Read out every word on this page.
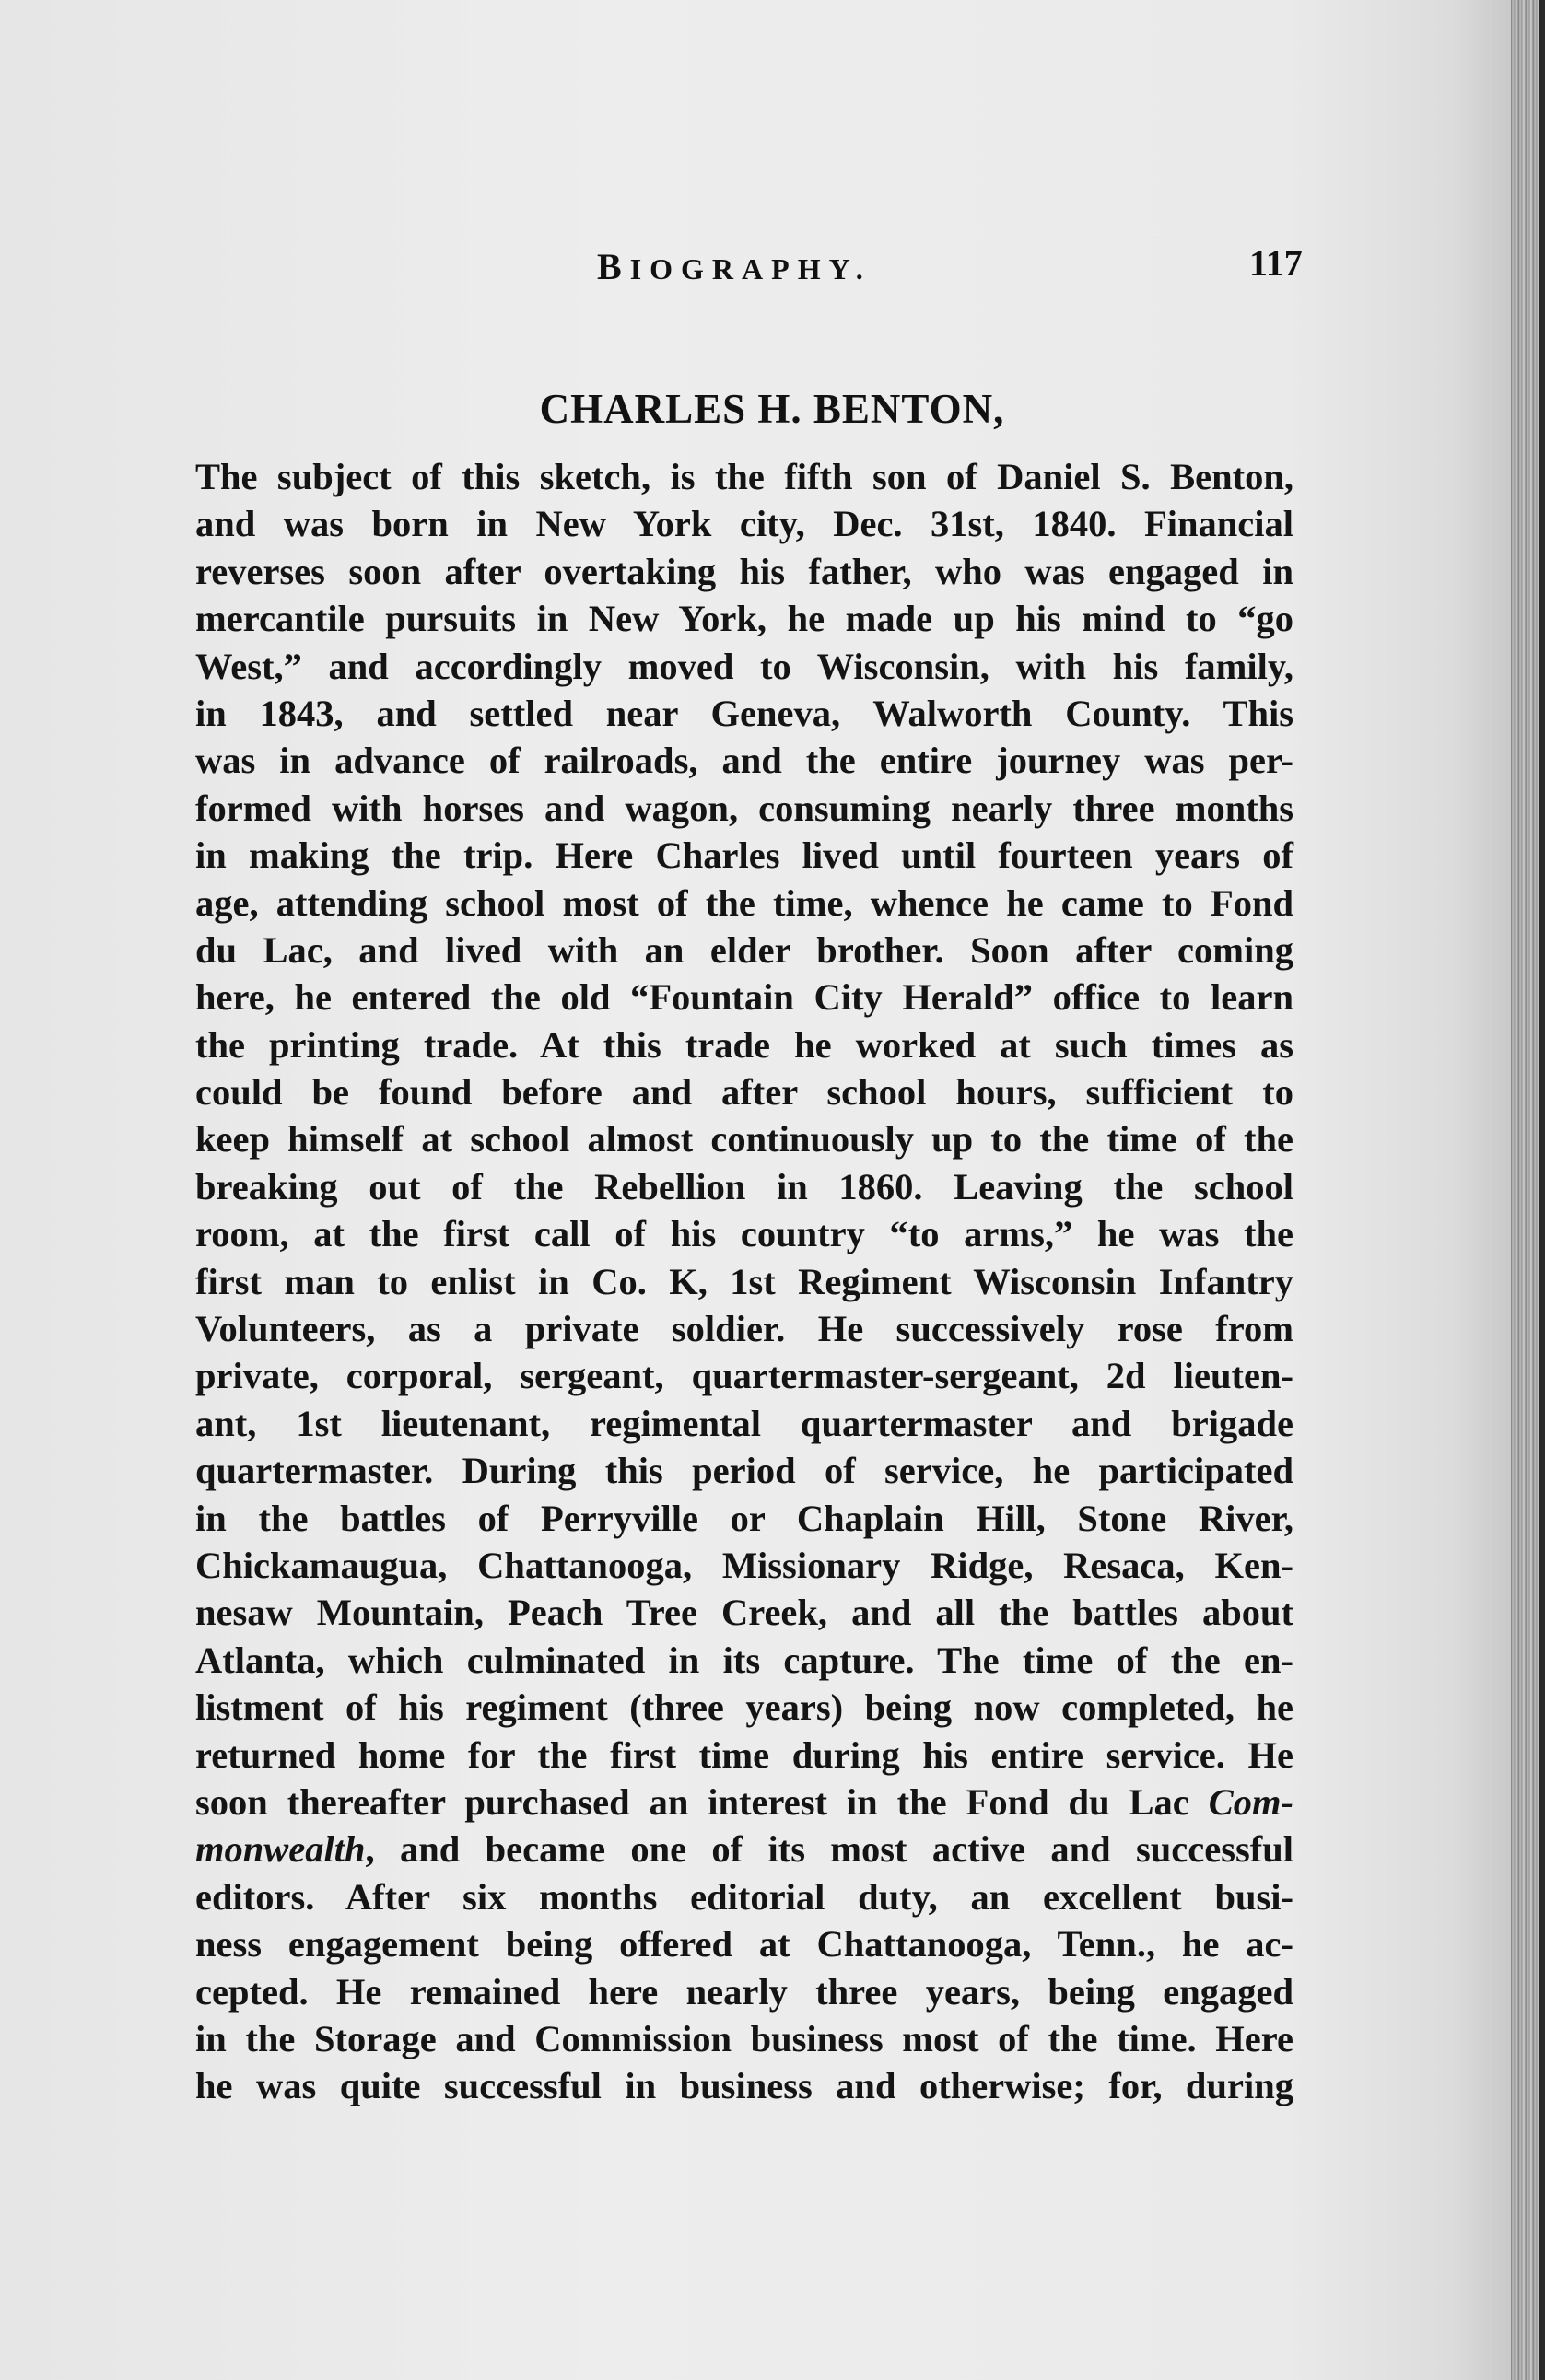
BIOGRAPHY.	117
CHARLES H. BENTON,
The subject of this sketch, is the fifth son of Daniel S. Benton,
and was born in New York city, Dec. 31st, 1840. Financial
reverses soon after overtaking his father, who was engaged in
mercantile pursuits in New York, he made up his mind to “go
West,” and accordingly moved to Wisconsin, with his family,
in 1843, and settled near Geneva, Walworth County. This
was in advance of railroads, and the entire journey was per-
formed with horses and wagon, consuming nearly three months
in making the trip. Here Charles lived until fourteen years of
age, attending school most of the time, whence he came to Fond
du Lac, and lived with an elder brother. Soon after coming
here, he entered the old “Fountain City Herald” office to learn
the printing trade. At this trade he worked at such times as
could be found before and after school hours, sufficient to
keep himself at school almost continuously up to the time of the
breaking out of the Rebellion in 1860. Leaving the school
room, at the first call of his country “to arms,” he was the
first man to enlist in Co. K, 1st Regiment Wisconsin Infantry
Volunteers, as a private soldier. He successively rose from
private, corporal, sergeant, quartermaster-sergeant, 2d lieuten-
ant, 1st lieutenant, regimental quartermaster and brigade
quartermaster. During this period of service, he participated
in the battles of Perryville or Chaplain Hill, Stone River,
Chickamaugua, Chattanooga, Missionary Ridge, Resaca, Ken-
nesaw Mountain, Peach Tree Creek, and all the battles about
Atlanta, which culminated in its capture. The time of the en-
listment of his regiment (three years) being now completed, he
returned home for the first time during his entire service. He
soon thereafter purchased an interest in the Fond du Lac Com-
monwealth, and became one of its most active and successful
editors. After six months editorial duty, an excellent busi-
ness engagement being offered at Chattanooga, Tenn., he ac-
cepted. He remained here nearly three years, being engaged
in the Storage and Commission business most of the time. Here
he was quite successful in business and otherwise; for, during
